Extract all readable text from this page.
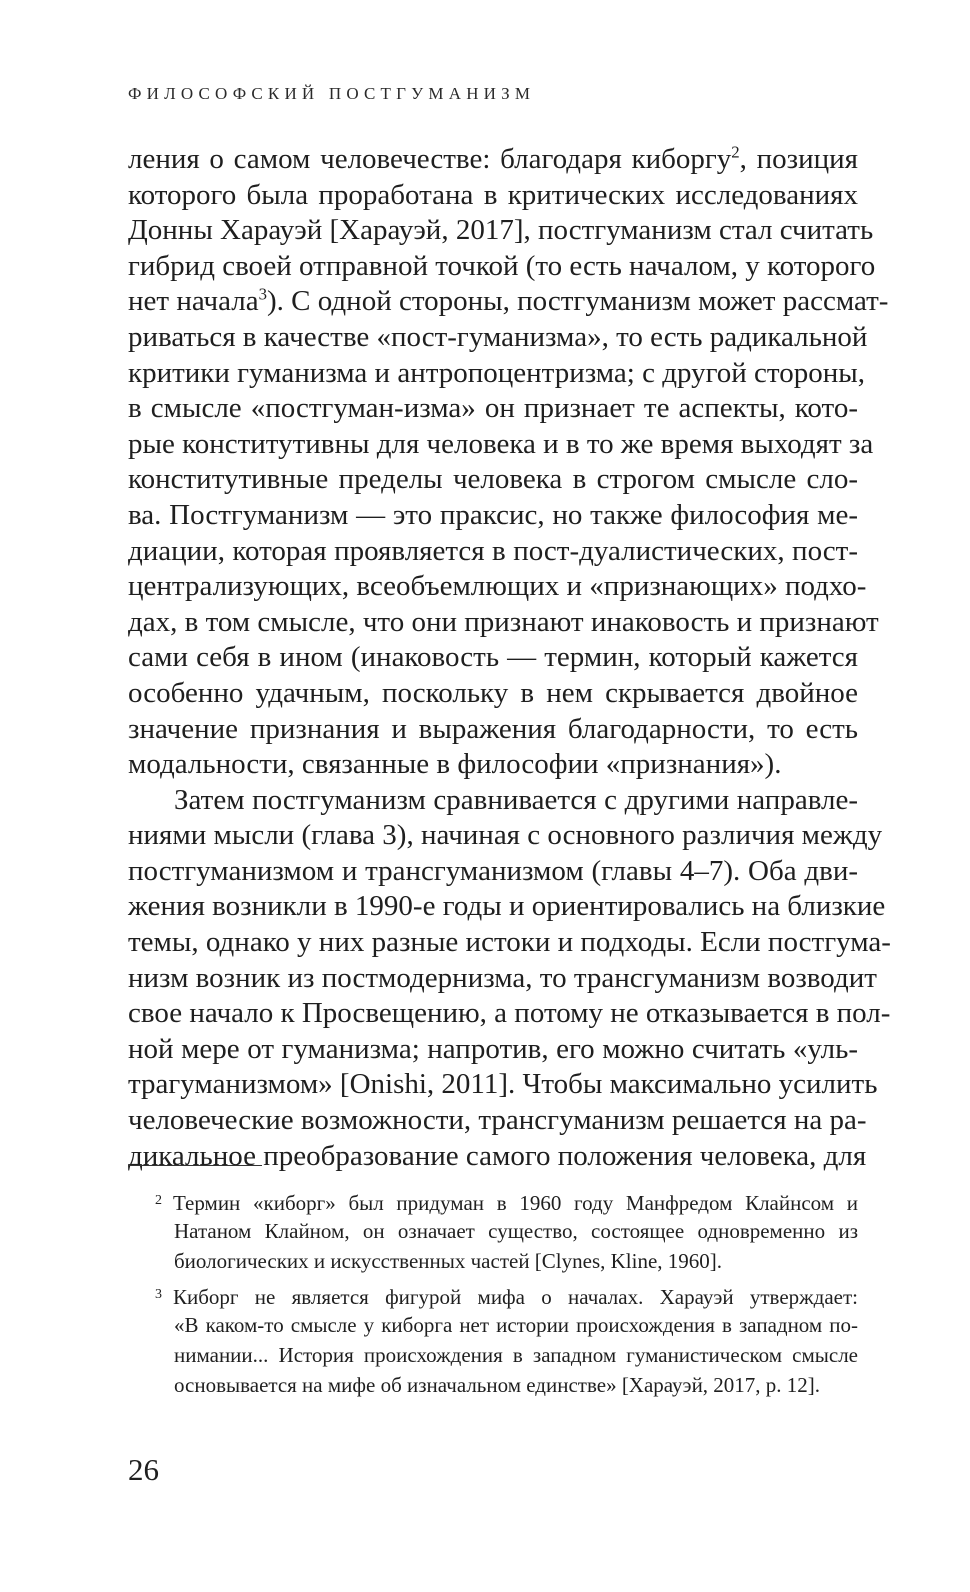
ФИЛОСОФСКИЙ ПОСТГУМАНИЗМ
ления о самом человечестве: благодаря киборгу$^2$, позиция
которого была проработана в критических исследованиях
Донны Харауэй [Харауэй, 2017], постгуманизм стал считать
гибрид своей отправной точкой (то есть началом, у которого
нет начала$^3$). С одной стороны, постгуманизм может рассмат-
риваться в качестве «пост-гуманизма», то есть радикальной
критики гуманизма и антропоцентризма; с другой стороны,
в смысле «постгуман-изма» он признает те аспекты, кото-
рые конститутивны для человека и в то же время выходят за
конститутивные пределы человека в строгом смысле сло-
ва. Постгуманизм — это праксис, но также философия ме-
диации, которая проявляется в пост-дуалистических, пост-
централизующих, всеобъемлющих и «признающих» подхо-
дах, в том смысле, что они признают инаковость и признают
сами себя в ином (инаковость — термин, который кажется
особенно удачным, поскольку в нем скрывается двойное
значение признания и выражения благодарности, то есть
модальности, связанные в философии «признания»).
Затем постгуманизм сравнивается с другими направле-
ниями мысли (глава 3), начиная с основного различия между
постгуманизмом и трансгуманизмом (главы 4–7). Оба дви-
жения возникли в 1990-е годы и ориентировались на близкие
темы, однако у них разные истоки и подходы. Если постгума-
низм возник из постмодернизма, то трансгуманизм возводит
свое начало к Просвещению, а потому не отказывается в пол-
ной мере от гуманизма; напротив, его можно считать «уль-
трагуманизмом» [Onishi, 2011]. Чтобы максимально усилить
человеческие возможности, трансгуманизм решается на ра-
дикальное преобразование самого положения человека, для
2 Термин «киборг» был придуман в 1960 году Манфредом Клайнсом и
Натаном Клайном, он означает существо, состоящее одновременно из
биологических и искусственных частей [Clynes, Kline, 1960].
3 Киборг не является фигурой мифа о началах. Харауэй утверждает:
«В каком-то смысле у киборга нет истории происхождения в западном по-
нимании... История происхождения в западном гуманистическом смысле
основывается на мифе об изначальном единстве» [Харауэй, 2017, p. 12].
26
